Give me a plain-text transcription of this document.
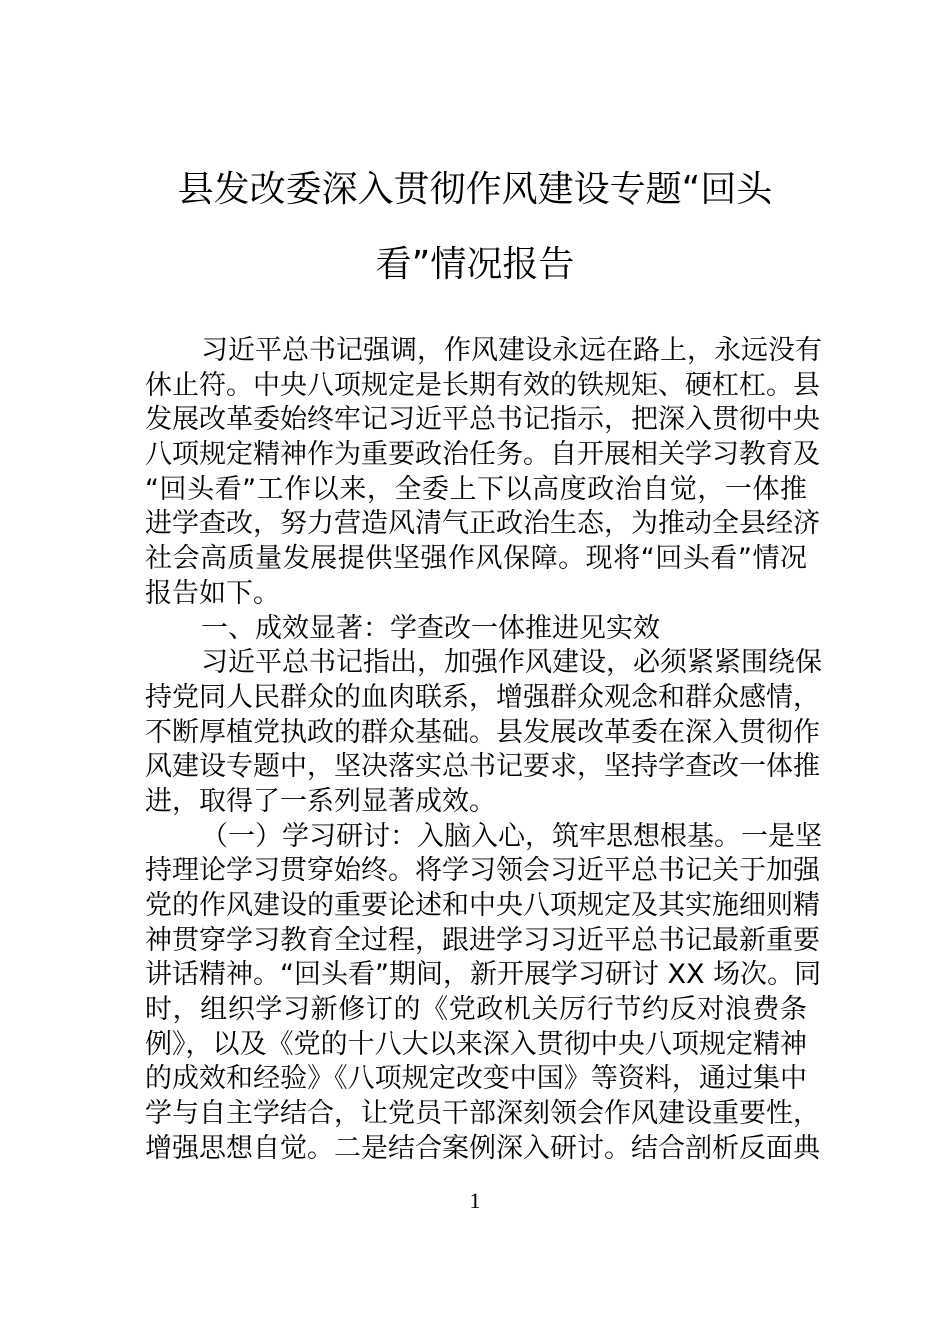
县发改委深入贯彻作风建设专题“回头
看”情况报告
习近平总书记强调，作风建设永远在路上，永远没有
休止符。中央八项规定是长期有效的铁规矩、硬杠杠。县
发展改革委始终牢记习近平总书记指示，把深入贯彻中央
八项规定精神作为重要政治任务。自开展相关学习教育及
“回头看”工作以来，全委上下以高度政治自觉，一体推
进学查改，努力营造风清气正政治生态，为推动全县经济
社会高质量发展提供坚强作风保障。现将“回头看”情况
报告如下。
一、成效显著：学查改一体推进见实效
习近平总书记指出，加强作风建设，必须紧紧围绕保
持党同人民群众的血肉联系，增强群众观念和群众感情，
不断厚植党执政的群众基础。县发展改革委在深入贯彻作
风建设专题中，坚决落实总书记要求，坚持学查改一体推
进，取得了一系列显著成效。
（一）学习研讨：入脑入心，筑牢思想根基。一是坚
持理论学习贯穿始终。将学习领会习近平总书记关于加强
党的作风建设的重要论述和中央八项规定及其实施细则精
神贯穿学习教育全过程，跟进学习习近平总书记最新重要
讲话精神。“回头看”期间，新开展学习研讨 XX 场次。同
时，组织学习新修订的《党政机关厉行节约反对浪费条
例》，以及《党的十八大以来深入贯彻中央八项规定精神
的成效和经验》《八项规定改变中国》等资料，通过集中
学与自主学结合，让党员干部深刻领会作风建设重要性，
增强思想自觉。二是结合案例深入研讨。结合剖析反面典
1
